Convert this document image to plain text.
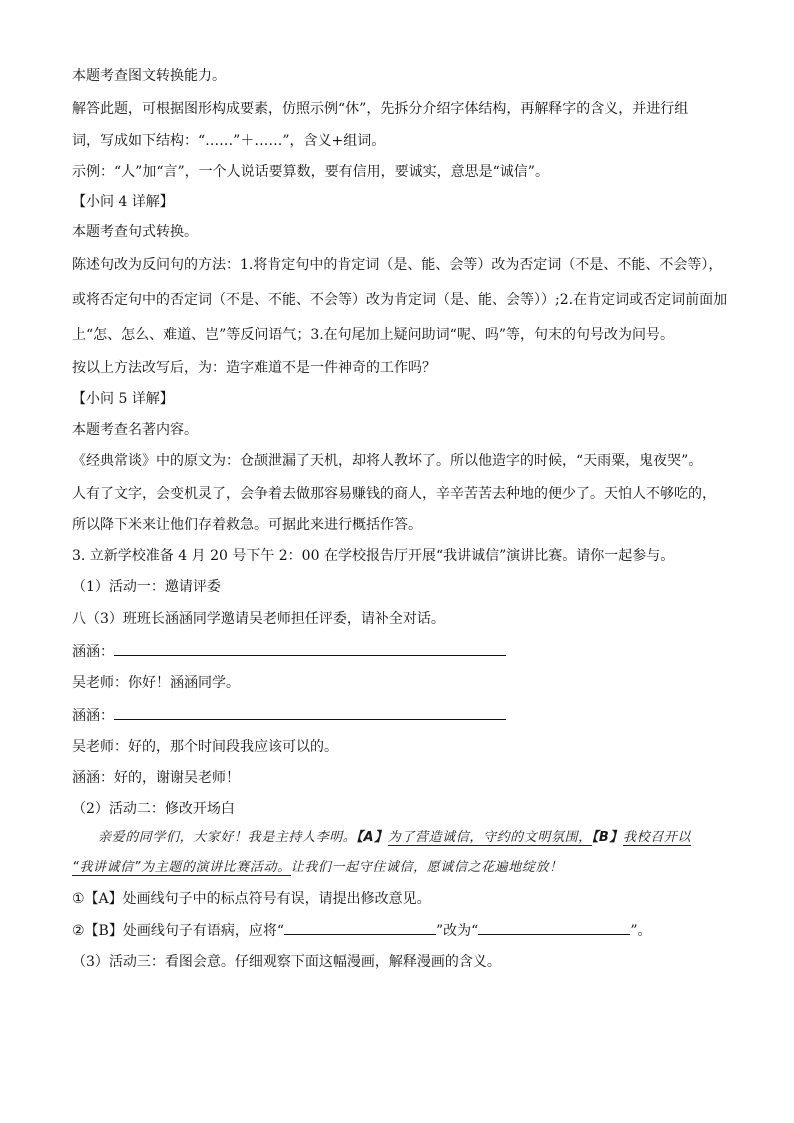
本题考查图文转换能力。
解答此题，可根据图形构成要素，仿照示例“休”，先拆分介绍字体结构，再解释字的含义，并进行组
词，写成如下结构：“……”＋……”，含义+组词。
示例：“人”加“言”，一个人说话要算数，要有信用，要诚实，意思是“诚信”。
【小问 4 详解】
本题考查句式转换。
陈述句改为反问句的方法：1.将肯定句中的肯定词（是、能、会等）改为否定词（不是、不能、不会等），
或将否定句中的否定词（不是、不能、不会等）改为肯定词（是、能、会等））;2.在肯定词或否定词前面加
上“怎、怎么、难道、岂”等反问语气；3.在句尾加上疑问助词“呢、吗”等，句末的句号改为问号。
按以上方法改写后，为：造字难道不是一件神奇的工作吗？
【小问 5 详解】
本题考查名著内容。
《经典常谈》中的原文为：仓颉泄漏了天机，却将人教坏了。所以他造字的时候，“天雨粟，鬼夜哭”。
人有了文字，会变机灵了，会争着去做那容易赚钱的商人，辛辛苦苦去种地的便少了。天怕人不够吃的，
所以降下米来让他们存着救急。可据此来进行概括作答。
3. 立新学校准备 4 月 20 号下午 2：00 在学校报告厅开展“我讲诚信”演讲比赛。请你一起参与。
（1）活动一：邀请评委
八（3）班班长涵涵同学邀请吴老师担任评委，请补全对话。
涵涵：
吴老师：你好！涵涵同学。
涵涵：
吴老师：好的，那个时间段我应该可以的。
涵涵：好的，谢谢吴老师！
（2）活动二：修改开场白
亲爱的同学们，大家好！我是主持人李明。【A】为了营造诚信，守约的文明氛围，【B】我校召开以
“我讲诚信”为主题的演讲比赛活动。让我们一起守住诚信，愿诚信之花遍地绽放！
①【A】处画线句子中的标点符号有误，请提出修改意见。
②【B】处画线句子有语病，应将“	”改为“	”。
（3）活动三：看图会意。仔细观察下面这幅漫画，解释漫画的含义。
